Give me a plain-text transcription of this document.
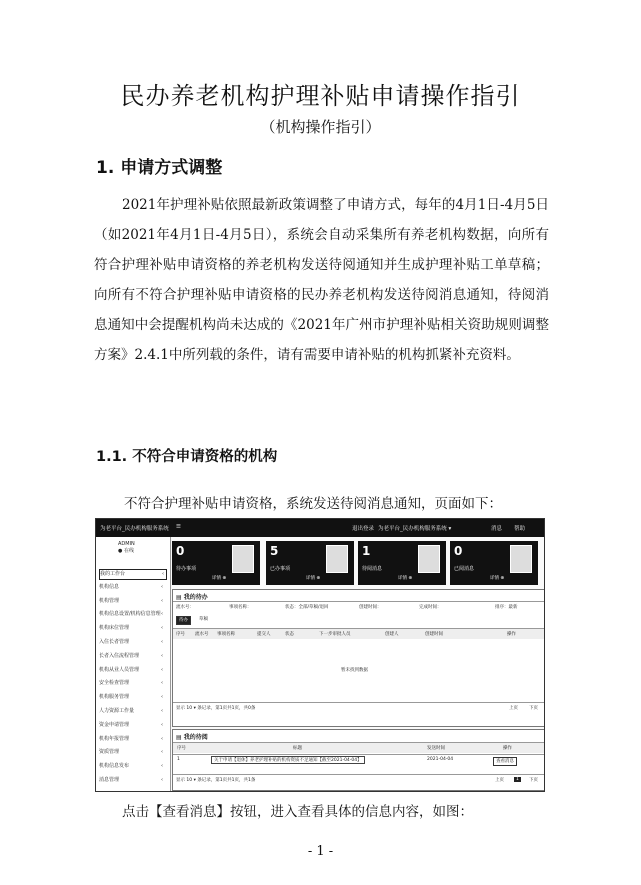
民办养老机构护理补贴申请操作指引
（机构操作指引）
1. 申请方式调整

2021年护理补贴依照最新政策调整了申请方式，每年的4月1日-4月5日（如2021年4月1日-4月5日），系统会自动采集所有养老机构数据，向所有符合护理补贴申请资格的养老机构发送待阅通知并生成护理补贴工单草稿；向所有不符合护理补贴申请资格的民办养老机构发送待阅消息通知，待阅消息通知中会提醒机构尚未达成的《2021年广州市护理补贴相关资助规则调整方案》2.4.1中所列载的条件，请有需要申请补贴的机构抓紧补充资料。

1.1. 不符合申请资格的机构
不符合护理补贴申请资格，系统发送待阅消息通知，页面如下：
为老平台_民办机构服务系统 ☰	退出登录 为老平台_民办机构服务系统 ▾	消息 帮助
ADMIN
● 在线
我的工作台	‹
机构信息	‹
机构管理	‹
机构信息设置/机构信息管理 ‹
机构床位管理	‹
入住长者管理	‹
长者入住流程管理	‹
机构从业人员管理	‹
安全检查管理	‹
机构服务管理	‹
人力资源工作量	‹
资金申请管理	‹
机构年报管理	‹
资质管理	‹
机构信息发布	‹
消息管理	‹
0
待办事项
详情 ⊕
5
已办事项
详情 ⊕
1
待阅消息
详情 ⊕
0
已阅消息
详情 ⊕
▤ 我的待办
流水号：	事项名称：	状态：全部/草稿/退回	创建时间：	完成时间：	排序：最新
待办	草稿
序号 流水号 事项名称	提交人	状态	下一步审批人员	创建人	创建时间	操作
暂未找到数据
显示 10 ▾ 条记录，第1页共1页，共0条	上页 下页
▤ 我的待阅
序号	标题	发送时间	操作
1	关于申请【退休】养老护理补贴的机构资质不足通知【截至2021-04-04】	2021-04-04	查看消息
显示 10 ▾ 条记录，第1页共1页，共1条	上页	1	下页
点击【查看消息】按钮，进入查看具体的信息内容，如图：
- 1 -
